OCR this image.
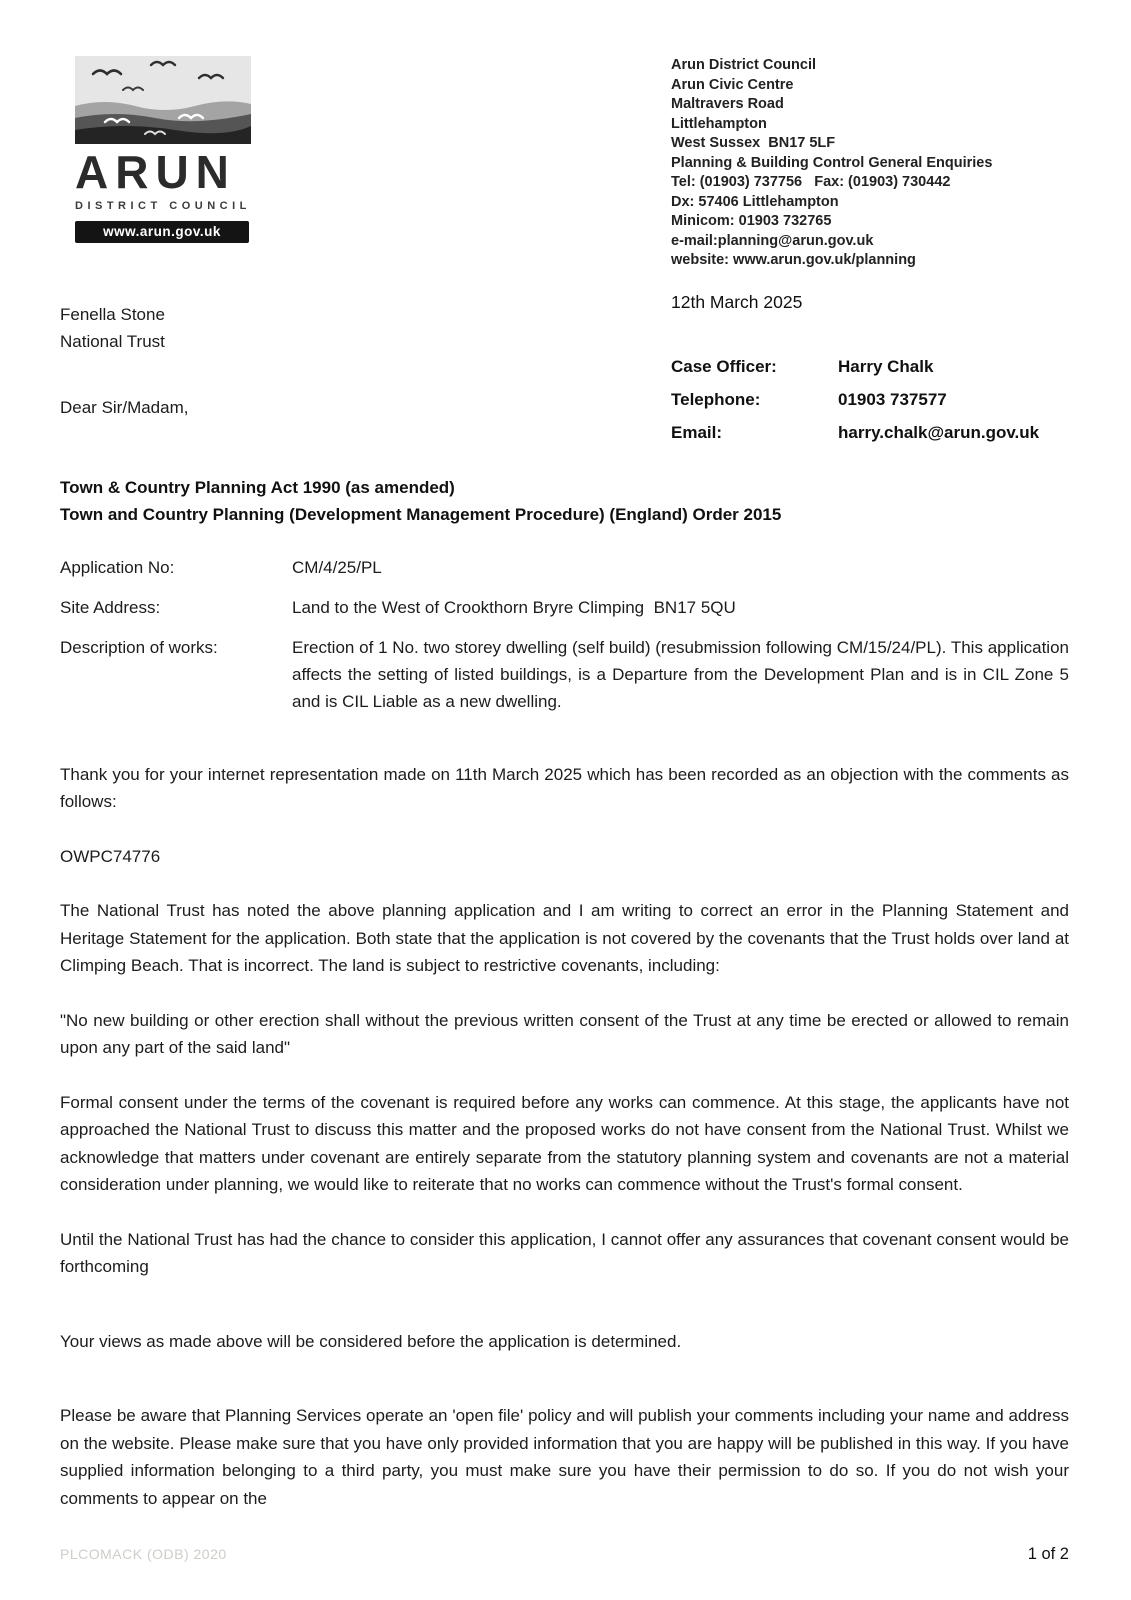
ARUN
DISTRICT COUNCIL
www.arun.gov.uk
Arun District Council
Arun Civic Centre
Maltravers Road
Littlehampton
West Sussex  BN17 5LF
Planning & Building Control General Enquiries
Tel: (01903) 737756   Fax: (01903) 730442
Dx: 57406 Littlehampton
Minicom: 01903 732765
e-mail:planning@arun.gov.uk
website: www.arun.gov.uk/planning
Fenella Stone
National Trust
Dear Sir/Madam,
12th March 2025
Case Officer:	Harry Chalk
Telephone:	01903 737577
Email:	harry.chalk@arun.gov.uk
Town & Country Planning Act 1990 (as amended)
Town and Country Planning (Development Management Procedure) (England) Order 2015
Application No:	CM/4/25/PL
Site Address:	Land to the West of Crookthorn Bryre Climping  BN17 5QU
Description of works:	Erection of 1 No. two storey dwelling (self build) (resubmission following CM/15/24/PL). This application affects the setting of listed buildings, is a Departure from the Development Plan and is in CIL Zone 5 and is CIL Liable as a new dwelling.

Thank you for your internet representation made on 11th March 2025 which has been recorded as an objection with the comments as follows:

OWPC74776

The National Trust has noted the above planning application and I am writing to correct an error in the Planning Statement and Heritage Statement for the application. Both state that the application is not covered by the covenants that the Trust holds over land at Climping Beach. That is incorrect. The land is subject to restrictive covenants, including:

"No new building or other erection shall without the previous written consent of the Trust at any time be erected or allowed to remain upon any part of the said land"

Formal consent under the terms of the covenant is required before any works can commence. At this stage, the applicants have not approached the National Trust to discuss this matter and the proposed works do not have consent from the National Trust. Whilst we acknowledge that matters under covenant are entirely separate from the statutory planning system and covenants are not a material consideration under planning, we would like to reiterate that no works can commence without the Trust's formal consent.

Until the National Trust has had the chance to consider this application, I cannot offer any assurances that covenant consent would be forthcoming

Your views as made above will be considered before the application is determined.

Please be aware that Planning Services operate an 'open file' policy and will publish your comments including your name and address on the website. Please make sure that you have only provided information that you are happy will be published in this way. If you have supplied information belonging to a third party, you must make sure you have their permission to do so. If you do not wish your comments to appear on the

PLCOMACK (ODB) 2020	1 of 2
